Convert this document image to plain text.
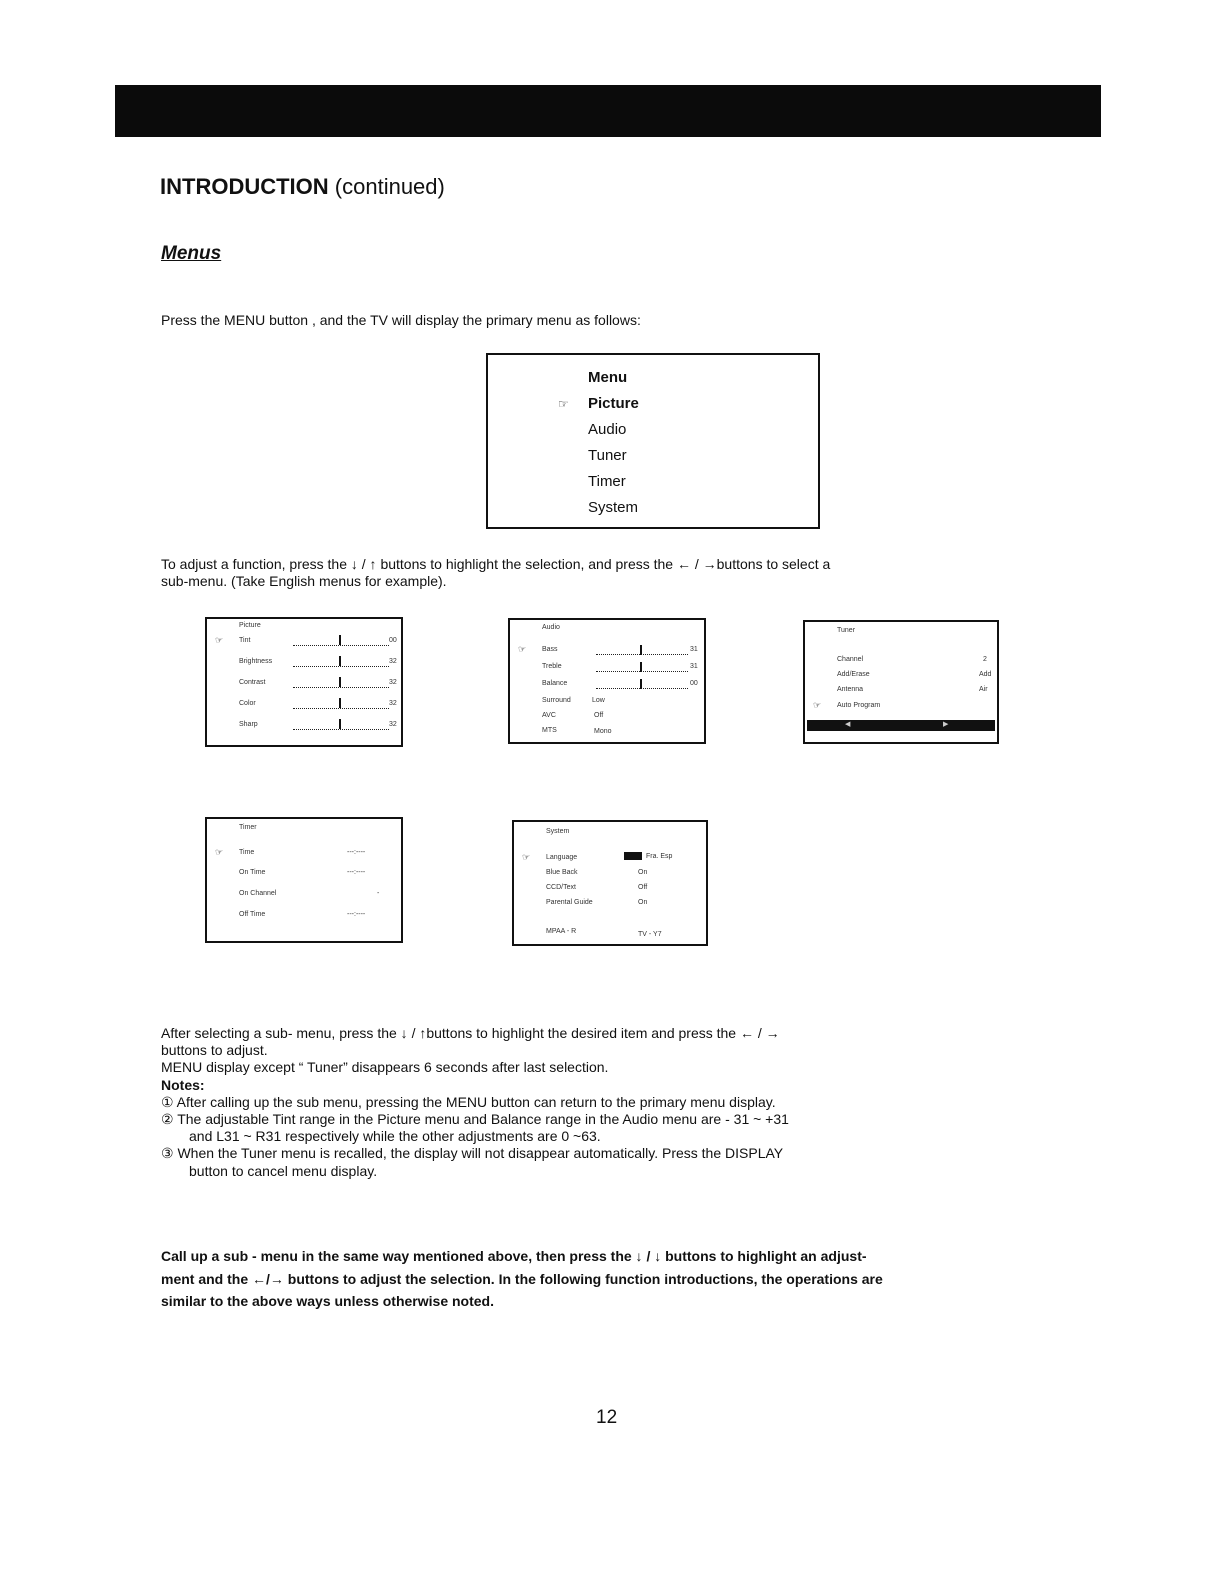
INTRODUCTION (continued)
Menus
Press the MENU button , and the TV will display the primary menu as follows:
Menu
☞ Picture
Audio
Tuner
Timer
System
To adjust a function, press the ↓ / ↑ buttons to highlight the selection, and press the ← / →buttons to select a
sub-menu. (Take English menus for example).
Picture
☞ Tint	00
Brightness	32
Contrast	32
Color	32
Sharp	32
Audio
☞ Bass	31
Treble	31
Balance	00
Surround	Low
AVC	Off
MTS	Mono
Tuner
Channel	2
Add/Erase	Add
Antenna	Air
☞ Auto Program
◀	▶
Timer
☞ Time	---:----
On Time	---:----
On Channel	-
Off Time	---:----
System
☞ Language	Fra. Esp
Blue Back	On
CCD/Text	Off
Parental Guide	On
MPAA - R	TV - Y7
After selecting a sub- menu, press the ↓ / ↑buttons to highlight the desired item and press the ← / →
buttons to adjust.
MENU display except “ Tuner” disappears 6 seconds after last selection.
Notes:
① After calling up the sub menu, pressing the MENU button can return to the primary menu display.
② The adjustable Tint range in the Picture menu and Balance range in the Audio menu are - 31 ~ +31
and L31 ~ R31 respectively while the other adjustments are 0 ~63.
③ When the Tuner menu is recalled, the display will not disappear automatically. Press the DISPLAY
button to cancel menu display.
Call up a sub - menu in the same way mentioned above, then press the ↓ / ↓ buttons to highlight an adjust-
ment and the ←/→ buttons to adjust the selection. In the following function introductions, the operations are
similar to the above ways unless otherwise noted.
12
